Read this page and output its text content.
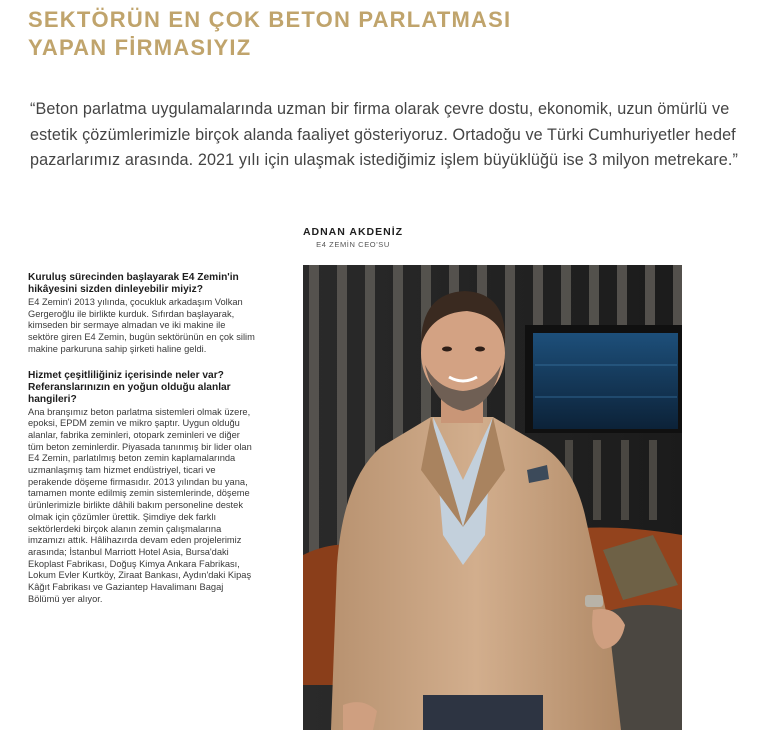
SEKTÖRÜN EN ÇOK BETON PARLATMASI
YAPAN FİRMASIYIZ

“Beton parlatma uygulamalarında uzman bir firma olarak çevre dostu, ekonomik, uzun ömürlü ve estetik çözümlerimizle birçok alanda faaliyet gösteriyoruz. Ortadoğu ve Türki Cumhuriyetler hedef pazarlarımız arasında. 2021 yılı için ulaşmak istediğimiz işlem büyüklüğü ise 3 milyon metrekare.”

ADNAN AKDENİZ
E4 ZEMİN CEO'SU

Kuruluş sürecinden başlayarak E4 Zemin'in hikâyesini sizden dinleyebilir miyiz?

E4 Zemin'i 2013 yılında, çocukluk arkadaşım Volkan Gergeroğlu ile birlikte kurduk. Sıfırdan başlayarak, kimseden bir sermaye almadan ve iki makine ile sektöre giren E4 Zemin, bugün sektörünün en çok silim makine parkuruna sahip şirketi haline geldi.

Hizmet çeşitliliğiniz içerisinde neler var? Referanslarınızın en yoğun olduğu alanlar hangileri?

Ana branşımız beton parlatma sistemleri olmak üzere, epoksi, EPDM zemin ve mikro şaptır. Uygun olduğu alanlar, fabrika zeminleri, otopark zeminleri ve diğer tüm beton zeminlerdir. Piyasada tanınmış bir lider olan E4 Zemin, parlatılmış beton zemin kaplamalarında uzmanlaşmış tam hizmet endüstriyel, ticari ve perakende döşeme firmasıdır. 2013 yılından bu yana, tamamen monte edilmiş zemin sistemlerinde, döşeme ürünlerimizle birlikte dâhili bakım personeline destek olmak için çözümler ürettik. Şimdiye dek farklı sektörlerdeki birçok alanın zemin çalışmalarına imzamızı attık. Hâlihazırda devam eden projelerimiz arasında; İstanbul Marriott Hotel Asia, Bursa'daki Ekoplast Fabrikası, Doğuş Kimya Ankara Fabrikası, Lokum Evler Kurtköy, Ziraat Bankası, Aydın'daki Kipaş Kâğıt Fabrikası ve Gaziantep Havalimanı Bagaj Bölümü yer alıyor.
